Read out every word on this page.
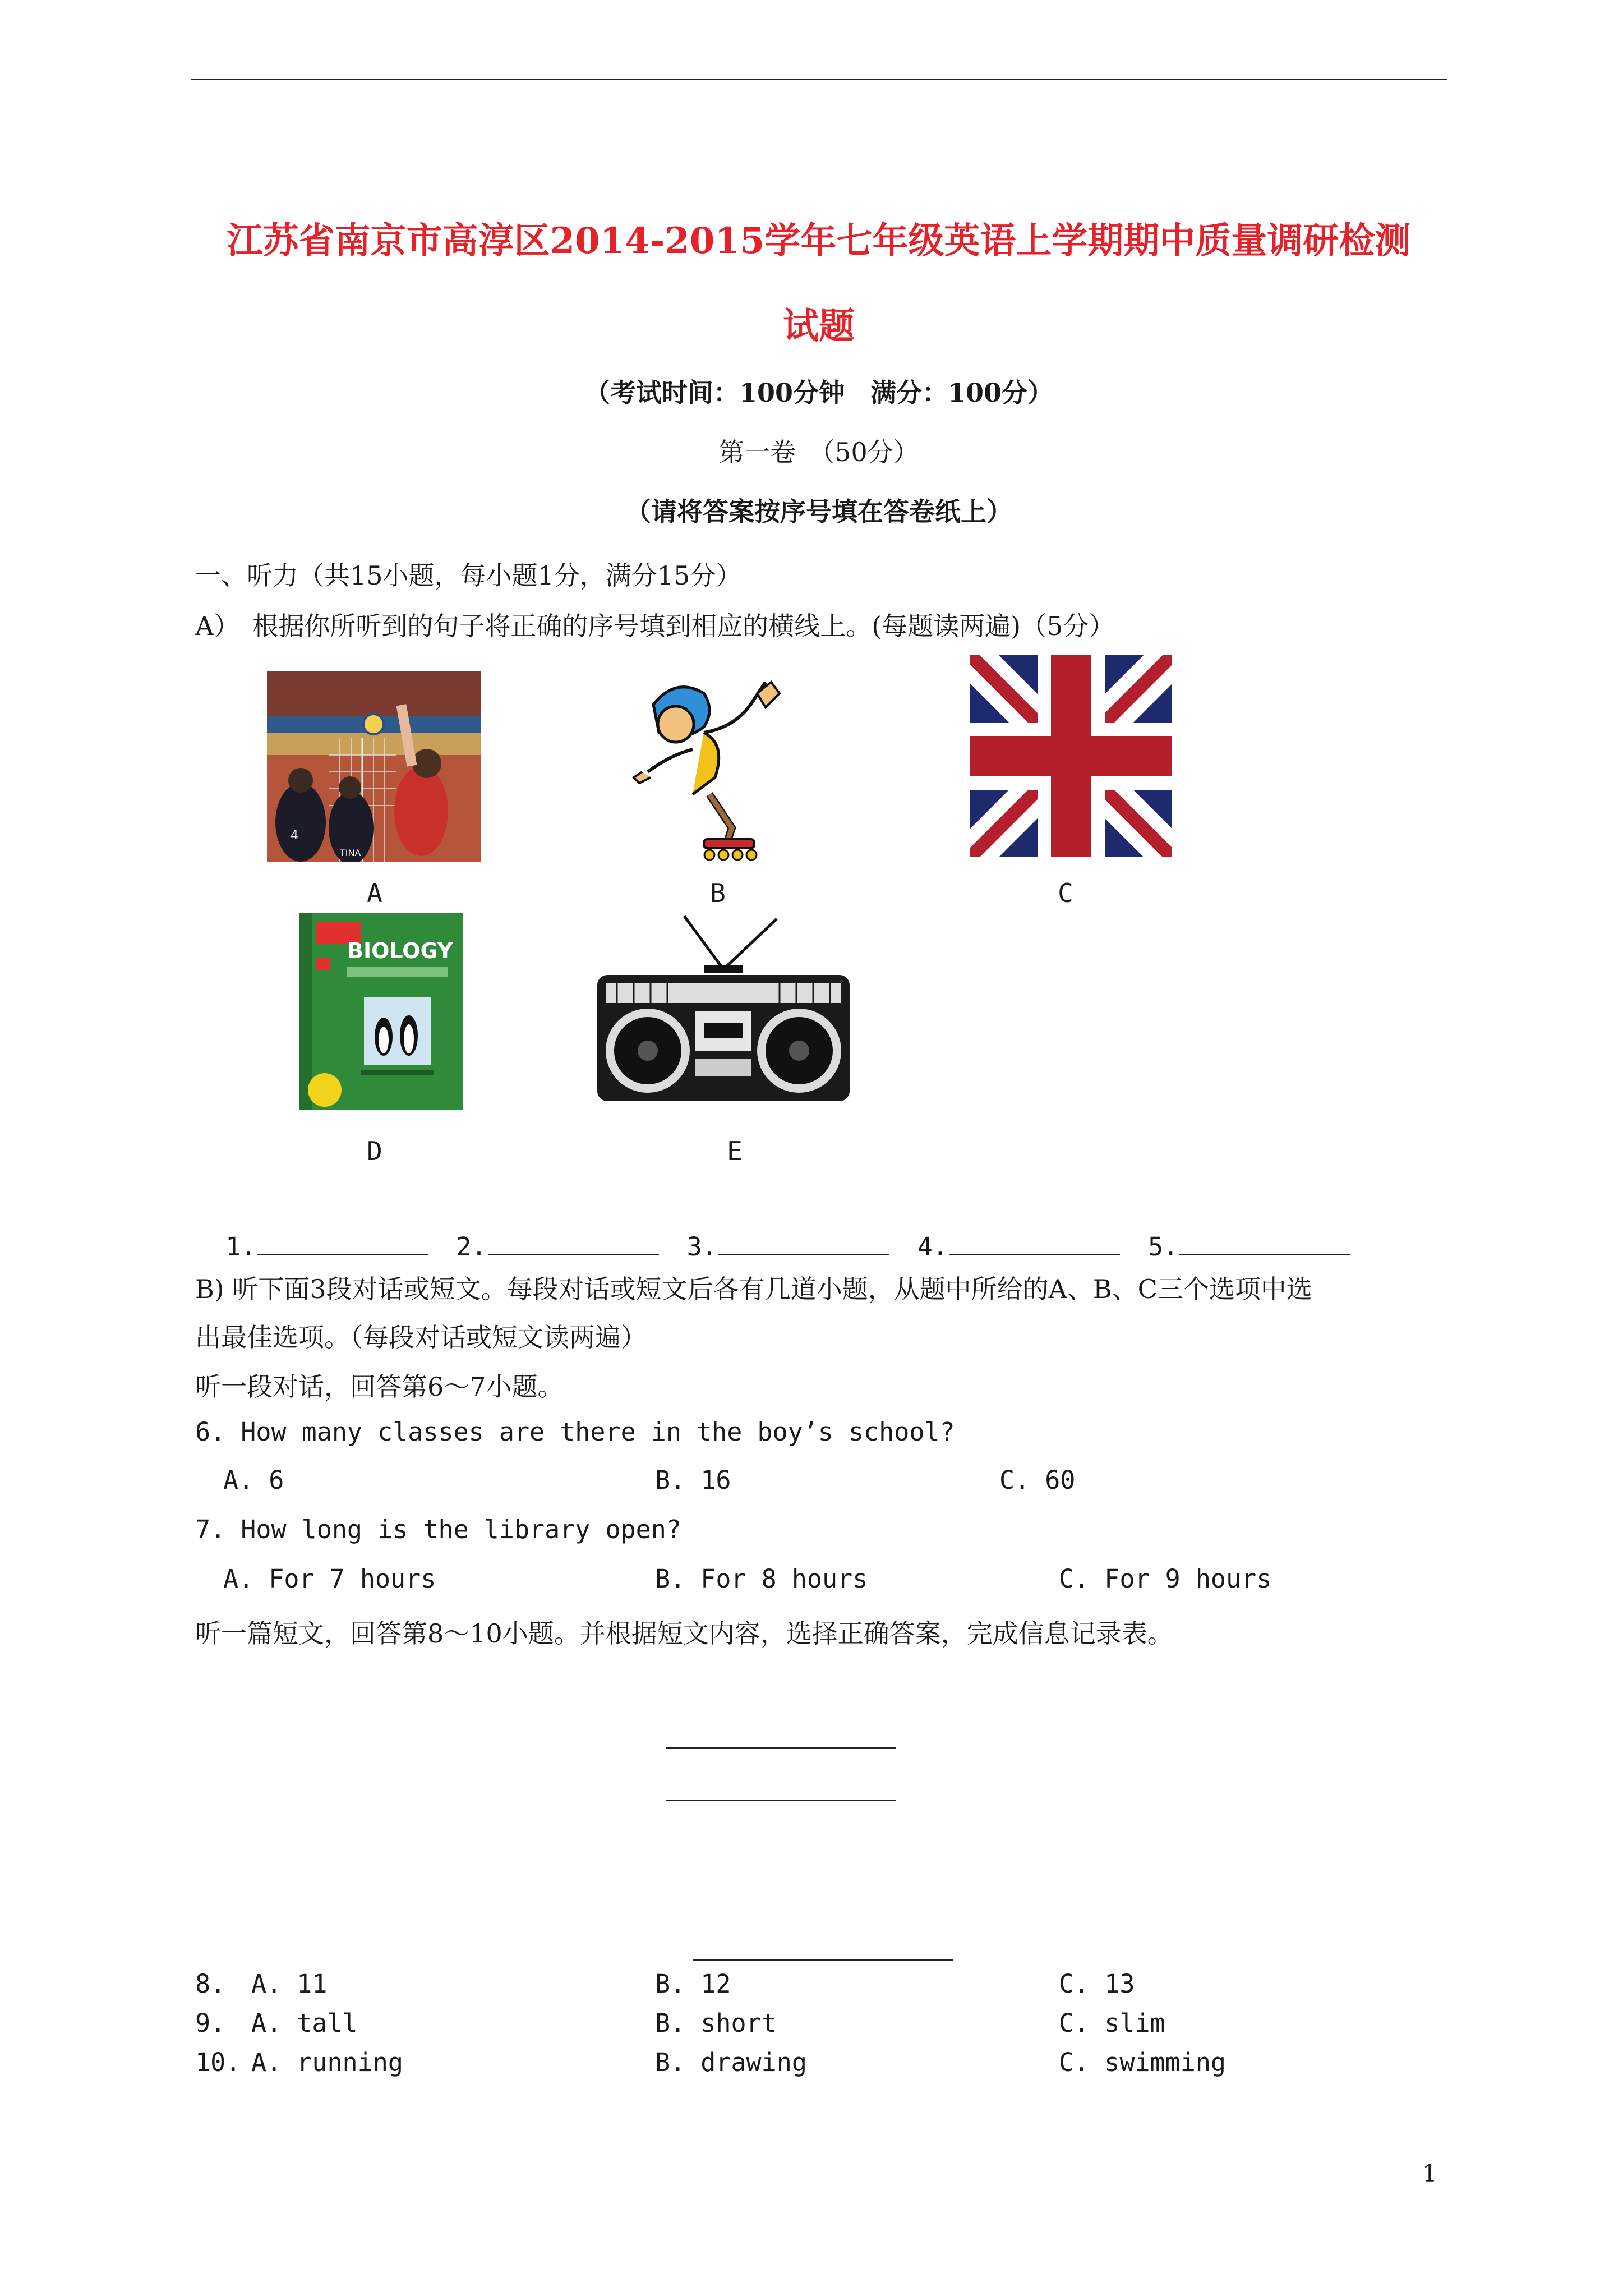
江苏省南京市高淳区2014-2015学年七年级英语上学期期中质量调研检测
试题
（考试时间：100分钟　满分：100分）
第一卷　（50分）
（请将答案按序号填在答卷纸上）
一、听力（共15小题，每小题1分，满分15分）
A）　根据你所听到的句子将正确的序号填到相应的横线上。(每题读两遍)（5分）
4
TINA
A	B	C
BIOLOGY
D	E

1.	2.	3.	4.	5.

B) 听下面3段对话或短文。每段对话或短文后各有几道小题，从题中所给的A、B、C三个选项中选
出最佳选项。（每段对话或短文读两遍）
听一段对话，回答第6～7小题。
6. How many classes are there in the boy’s school?
A. 6	B. 16	C. 60
7. How long is the library open?
A. For 7 hours	B. For 8 hours	C. For 9 hours
听一篇短文，回答第8～10小题。并根据短文内容，选择正确答案，完成信息记录表。
8. A. 11	B. 12	C. 13
9. A. tall	B. short	C. slim
10. A. running	B. drawing	C. swimming
1
